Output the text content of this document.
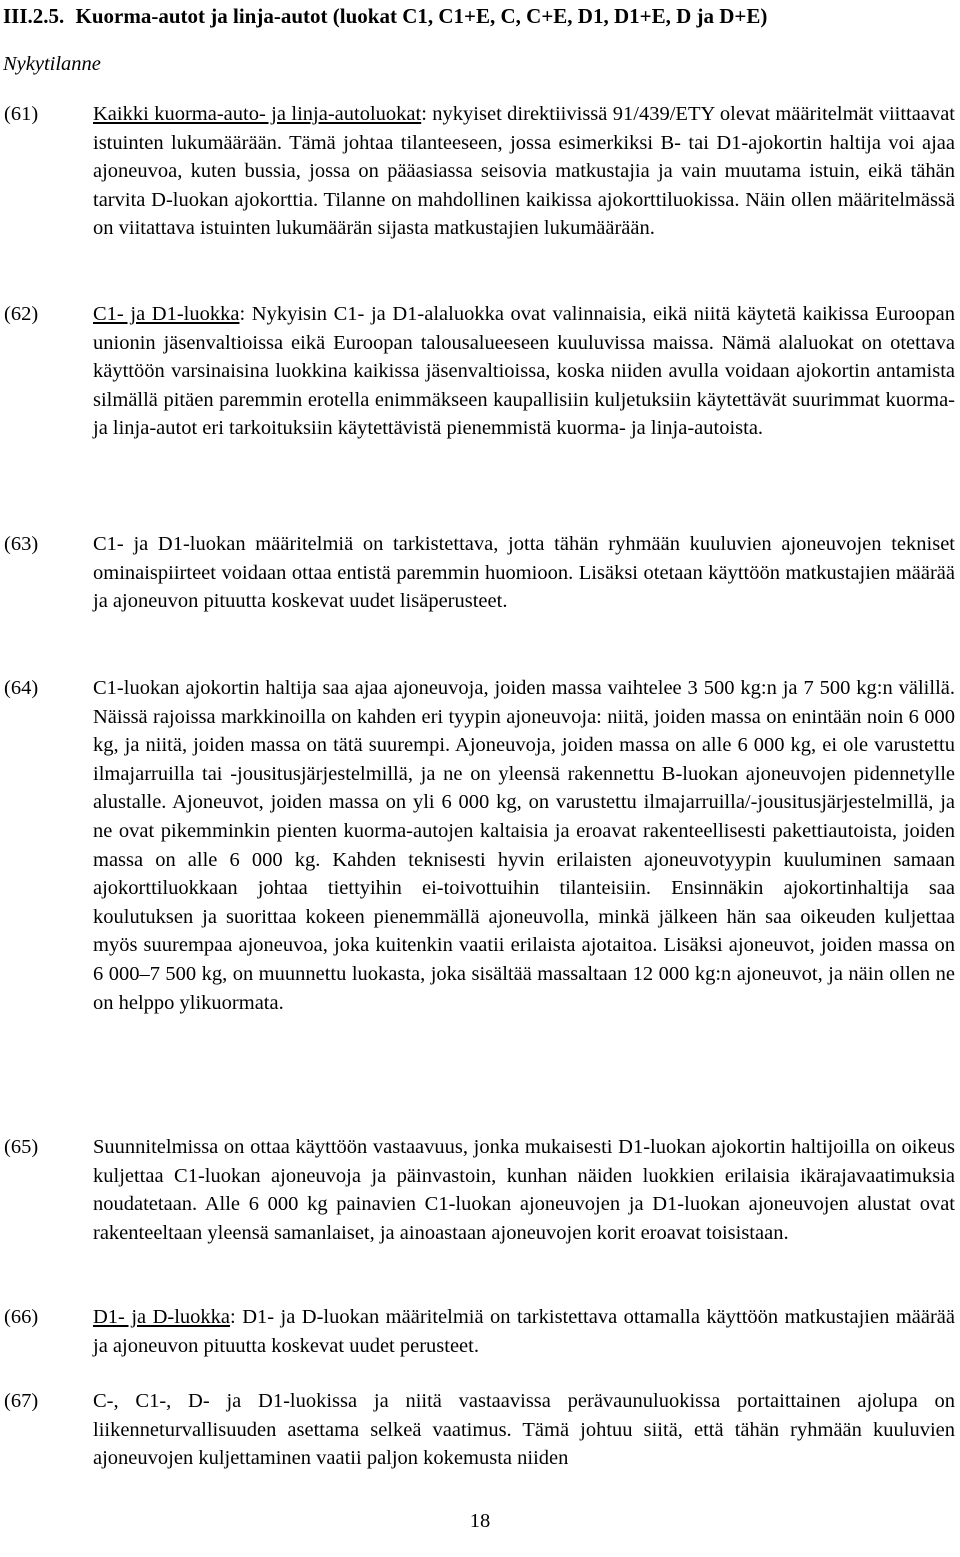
III.2.5. Kuorma-autot ja linja-autot (luokat C1, C1+E, C, C+E, D1, D1+E, D ja D+E)
Nykytilanne
(61)	Kaikki kuorma-auto- ja linja-autoluokat: nykyiset direktiivissä 91/439/ETY olevat määritelmät viittaavat istuinten lukumäärään. Tämä johtaa tilanteeseen, jossa esimerkiksi B- tai D1-ajokortin haltija voi ajaa ajoneuvoa, kuten bussia, jossa on pääasiassa seisovia matkustajia ja vain muutama istuin, eikä tähän tarvita D-luokan ajokorttia. Tilanne on mahdollinen kaikissa ajokorttiluokissa. Näin ollen määritelmässä on viitattava istuinten lukumäärän sijasta matkustajien lukumäärään.

(62)	C1- ja D1-luokka: Nykyisin C1- ja D1-alaluokka ovat valinnaisia, eikä niitä käytetä kaikissa Euroopan unionin jäsenvaltioissa eikä Euroopan talousalueeseen kuuluvissa maissa. Nämä alaluokat on otettava käyttöön varsinaisina luokkina kaikissa jäsenvaltioissa, koska niiden avulla voidaan ajokortin antamista silmällä pitäen paremmin erotella enimmäkseen kaupallisiin kuljetuksiin käytettävät suurimmat kuorma- ja linja-autot eri tarkoituksiin käytettävistä pienemmistä kuorma- ja linja-autoista.

(63)	C1- ja D1-luokan määritelmiä on tarkistettava, jotta tähän ryhmään kuuluvien ajoneuvojen tekniset ominaispiirteet voidaan ottaa entistä paremmin huomioon. Lisäksi otetaan käyttöön matkustajien määrää ja ajoneuvon pituutta koskevat uudet lisäperusteet.

(64)	C1-luokan ajokortin haltija saa ajaa ajoneuvoja, joiden massa vaihtelee 3 500 kg:n ja 7 500 kg:n välillä. Näissä rajoissa markkinoilla on kahden eri tyypin ajoneuvoja: niitä, joiden massa on enintään noin 6 000 kg, ja niitä, joiden massa on tätä suurempi. Ajoneuvoja, joiden massa on alle 6 000 kg, ei ole varustettu ilmajarruilla tai -jousitusjärjestelmillä, ja ne on yleensä rakennettu B-luokan ajoneuvojen pidennetylle alustalle. Ajoneuvot, joiden massa on yli 6 000 kg, on varustettu ilmajarruilla/-jousitusjärjestelmillä, ja ne ovat pikemminkin pienten kuorma-autojen kaltaisia ja eroavat rakenteellisesti pakettiautoista, joiden massa on alle 6 000 kg. Kahden teknisesti hyvin erilaisten ajoneuvotyypin kuuluminen samaan ajokorttiluokkaan johtaa tiettyihin ei-toivottuihin tilanteisiin. Ensinnäkin ajokortinhaltija saa koulutuksen ja suorittaa kokeen pienemmällä ajoneuvolla, minkä jälkeen hän saa oikeuden kuljettaa myös suurempaa ajoneuvoa, joka kuitenkin vaatii erilaista ajotaitoa. Lisäksi ajoneuvot, joiden massa on 6 000–7 500 kg, on muunnettu luokasta, joka sisältää massaltaan 12 000 kg:n ajoneuvot, ja näin ollen ne on helppo ylikuormata.

(65)	Suunnitelmissa on ottaa käyttöön vastaavuus, jonka mukaisesti D1-luokan ajokortin haltijoilla on oikeus kuljettaa C1-luokan ajoneuvoja ja päinvastoin, kunhan näiden luokkien erilaisia ikärajavaatimuksia noudatetaan. Alle 6 000 kg painavien C1-luokan ajoneuvojen ja D1-luokan ajoneuvojen alustat ovat rakenteeltaan yleensä samanlaiset, ja ainoastaan ajoneuvojen korit eroavat toisistaan.

(66)	D1- ja D-luokka: D1- ja D-luokan määritelmiä on tarkistettava ottamalla käyttöön matkustajien määrää ja ajoneuvon pituutta koskevat uudet perusteet.

(67)	C-, C1-, D- ja D1-luokissa ja niitä vastaavissa perävaunuluokissa portaittainen ajolupa on liikenneturvallisuuden asettama selkeä vaatimus. Tämä johtuu siitä, että tähän ryhmään kuuluvien ajoneuvojen kuljettaminen vaatii paljon kokemusta niiden

18
